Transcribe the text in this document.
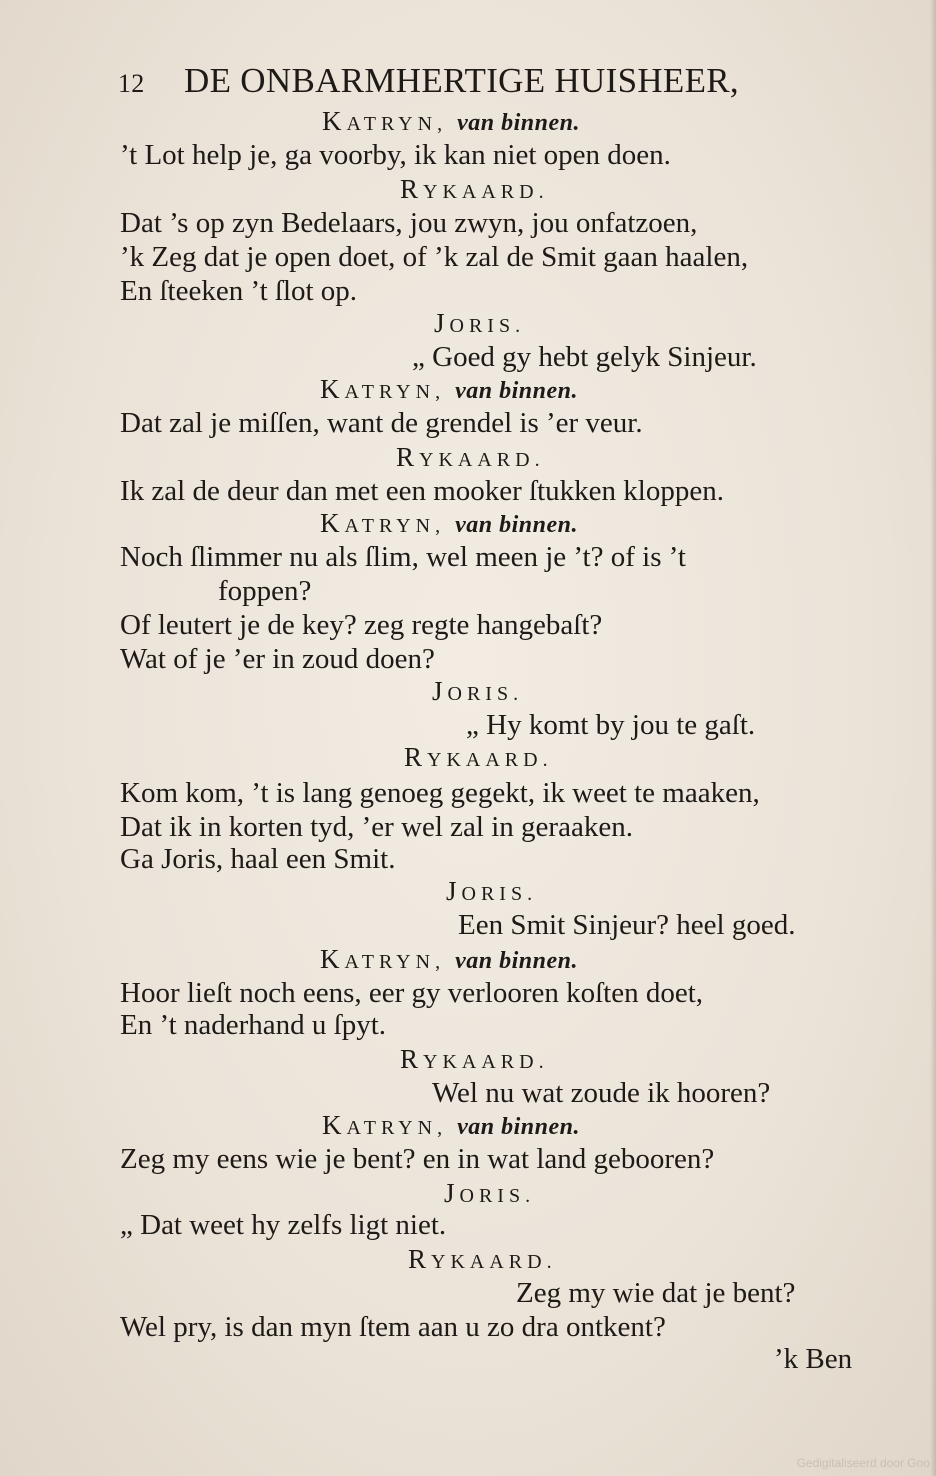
12 DE ONBARMHERTIGE HUISHEER,
KATRYN, van binnen.
’t Lot help je, ga voorby, ik kan niet open doen.
RYKAARD.
Dat ’s op zyn Bedelaars, jou zwyn, jou onfatzoen,
’k Zeg dat je open doet, of ’k zal de Smit gaan haalen,
En ſteeken ’t ſlot op.
JORIS.
„ Goed gy hebt gelyk Sinjeur.
KATRYN, van binnen.
Dat zal je miſſen, want de grendel is ’er veur.
RYKAARD.
Ik zal de deur dan met een mooker ſtukken kloppen.
KATRYN, van binnen.
Noch ſlimmer nu als ſlim, wel meen je ’t? of is ’t
foppen?
Of leutert je de key? zeg regte hangebaſt?
Wat of je ’er in zoud doen?
JORIS.
„ Hy komt by jou te gaſt.
RYKAARD.
Kom kom, ’t is lang genoeg gegekt, ik weet te maaken,
Dat ik in korten tyd, ’er wel zal in geraaken.
Ga Joris, haal een Smit.
JORIS.
Een Smit Sinjeur? heel goed.
KATRYN, van binnen.
Hoor lieſt noch eens, eer gy verlooren koſten doet,
En ’t naderhand u ſpyt.
RYKAARD.
Wel nu wat zoude ik hooren?
KATRYN, van binnen.
Zeg my eens wie je bent? en in wat land gebooren?
JORIS.
„ Dat weet hy zelfs ligt niet.
RYKAARD.
Zeg my wie dat je bent?
Wel pry, is dan myn ſtem aan u zo dra ontkent?
’k Ben
Gedigitaliseerd door Goo
